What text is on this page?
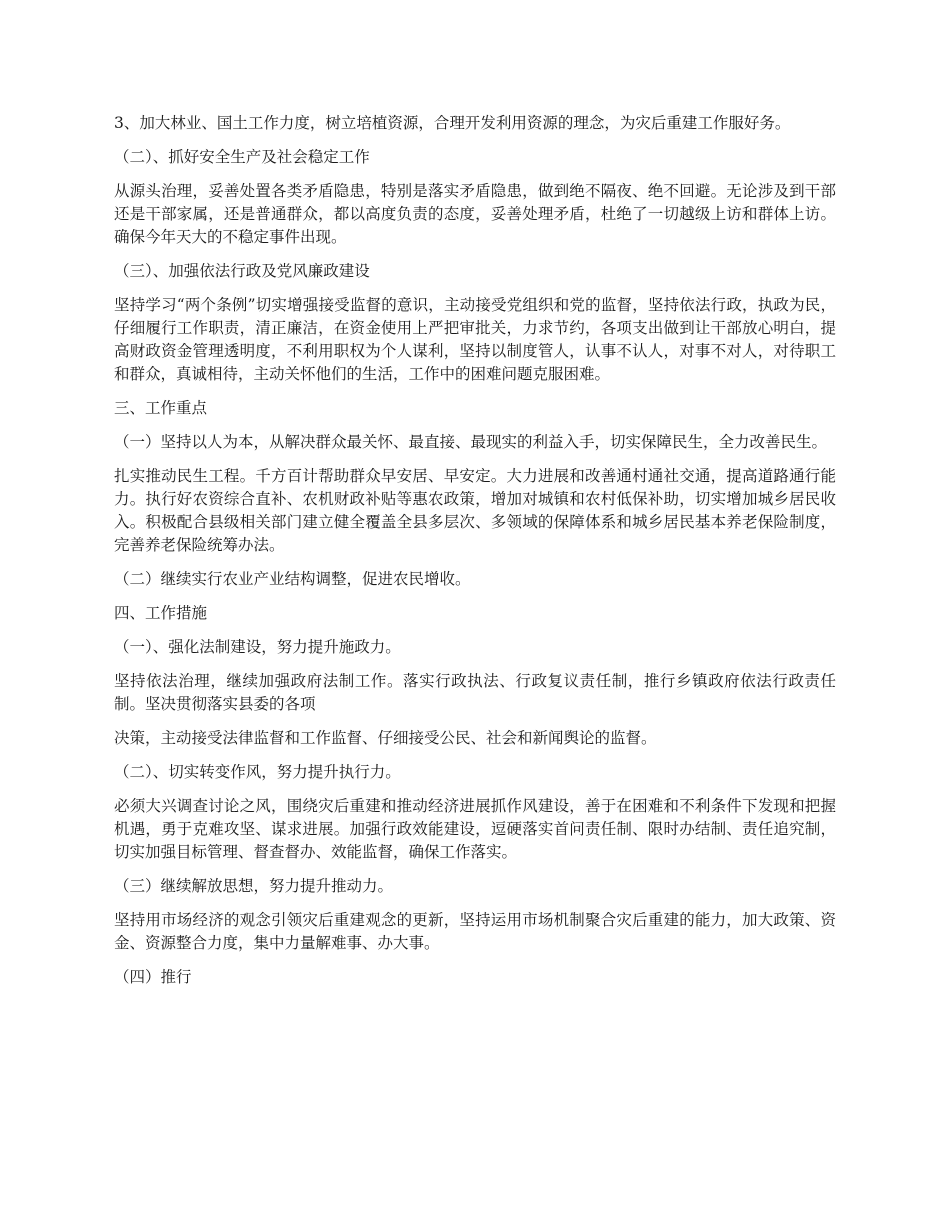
3、加大林业、国土工作力度，树立培植资源，合理开发利用资源的理念，为灾后重建工作服好务。

（二）、抓好安全生产及社会稳定工作

从源头治理，妥善处置各类矛盾隐患，特别是落实矛盾隐患，做到绝不隔夜、绝不回避。无论涉及到干部还是干部家属，还是普通群众，都以高度负责的态度，妥善处理矛盾，杜绝了一切越级上访和群体上访。确保今年天大的不稳定事件出现。

（三）、加强依法行政及党风廉政建设

坚持学习“两个条例”切实增强接受监督的意识，主动接受党组织和党的监督，坚持依法行政，执政为民，仔细履行工作职责，清正廉洁，在资金使用上严把审批关，力求节约，各项支出做到让干部放心明白，提高财政资金管理透明度，不利用职权为个人谋利，坚持以制度管人，认事不认人，对事不对人，对待职工和群众，真诚相待，主动关怀他们的生活，工作中的困难问题克服困难。

三、工作重点

（一）坚持以人为本，从解决群众最关怀、最直接、最现实的利益入手，切实保障民生，全力改善民生。

扎实推动民生工程。千方百计帮助群众早安居、早安定。大力进展和改善通村通社交通，提高道路通行能力。执行好农资综合直补、农机财政补贴等惠农政策，增加对城镇和农村低保补助，切实增加城乡居民收入。积极配合县级相关部门建立健全覆盖全县多层次、多领域的保障体系和城乡居民基本养老保险制度，完善养老保险统筹办法。

（二）继续实行农业产业结构调整，促进农民增收。

四、工作措施

（一）、强化法制建设，努力提升施政力。

坚持依法治理，继续加强政府法制工作。落实行政执法、行政复议责任制，推行乡镇政府依法行政责任制。坚决贯彻落实县委的各项

决策，主动接受法律监督和工作监督、仔细接受公民、社会和新闻舆论的监督。

（二）、切实转变作风，努力提升执行力。

必须大兴调查讨论之风，围绕灾后重建和推动经济进展抓作风建设，善于在困难和不利条件下发现和把握机遇，勇于克难攻坚、谋求进展。加强行政效能建设，逗硬落实首问责任制、限时办结制、责任追究制，切实加强目标管理、督查督办、效能监督，确保工作落实。

（三）继续解放思想，努力提升推动力。

坚持用市场经济的观念引领灾后重建观念的更新，坚持运用市场机制聚合灾后重建的能力，加大政策、资金、资源整合力度，集中力量解难事、办大事。

（四）推行
